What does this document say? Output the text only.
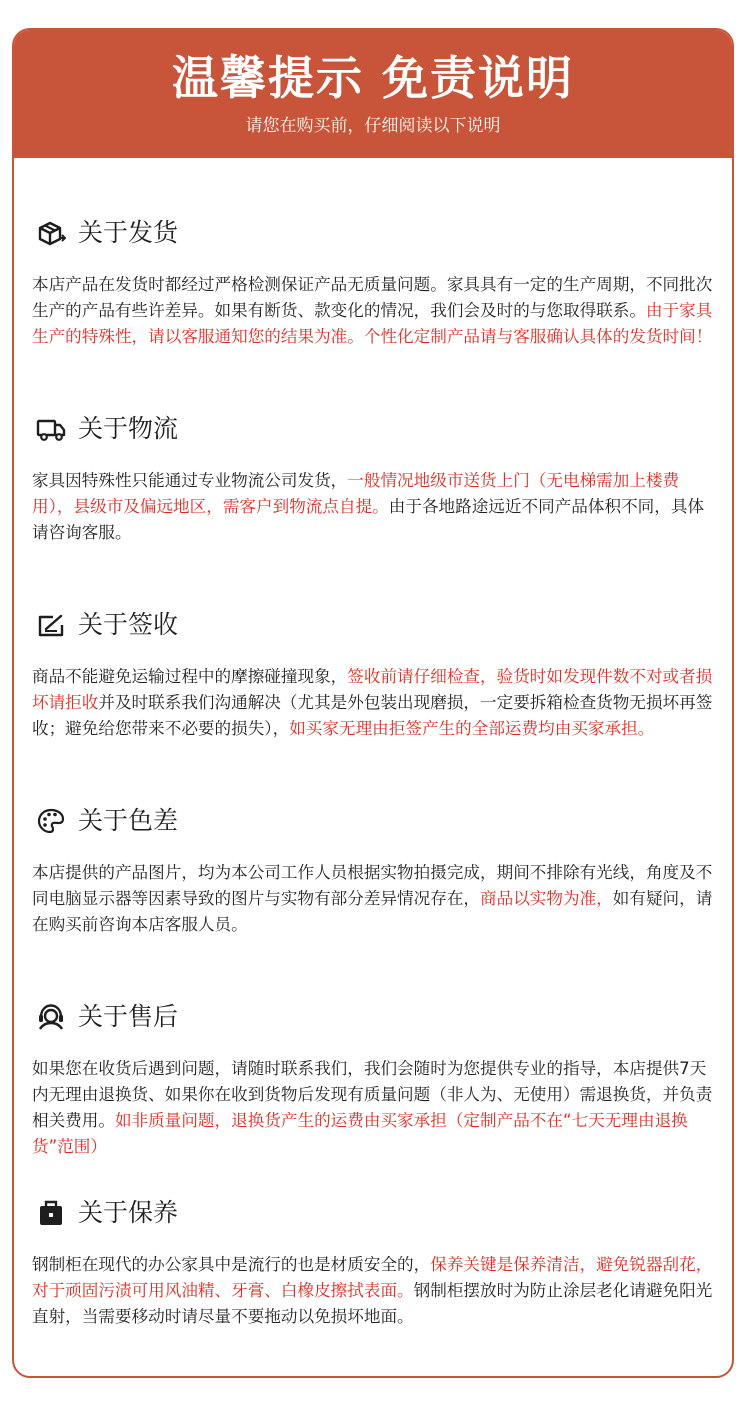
温馨提示 免责说明
请您在购买前，仔细阅读以下说明
关于发货
本店产品在发货时都经过严格检测保证产品无质量问题。家具具有一定的生产周期，不同批次生产的产品有些许差异。如果有断货、款变化的情况，我们会及时的与您取得联系。由于家具生产的特殊性，请以客服通知您的结果为准。个性化定制产品请与客服确认具体的发货时间！
关于物流
家具因特殊性只能通过专业物流公司发货，一般情况地级市送货上门（无电梯需加上楼费用），县级市及偏远地区，需客户到物流点自提。由于各地路途远近不同产品体积不同，具体请咨询客服。
关于签收
商品不能避免运输过程中的摩擦碰撞现象，签收前请仔细检查，验货时如发现件数不对或者损坏请拒收并及时联系我们沟通解决（尤其是外包装出现磨损，一定要拆箱检查货物无损坏再签收；避免给您带来不必要的损失），如买家无理由拒签产生的全部运费均由买家承担。
关于色差
本店提供的产品图片，均为本公司工作人员根据实物拍摄完成，期间不排除有光线，角度及不同电脑显示器等因素导致的图片与实物有部分差异情况存在，商品以实物为准，如有疑问，请在购买前咨询本店客服人员。
关于售后
如果您在收货后遇到问题，请随时联系我们，我们会随时为您提供专业的指导，本店提供7天内无理由退换货、如果你在收到货物后发现有质量问题（非人为、无使用）需退换货，并负责相关费用。如非质量问题，退换货产生的运费由买家承担（定制产品不在“七天无理由退换货”范围）
关于保养
钢制柜在现代的办公家具中是流行的也是材质安全的，保养关键是保养清洁，避免锐器刮花，对于顽固污渍可用风油精、牙膏、白橡皮擦拭表面。钢制柜摆放时为防止涂层老化请避免阳光直射，当需要移动时请尽量不要拖动以免损坏地面。
